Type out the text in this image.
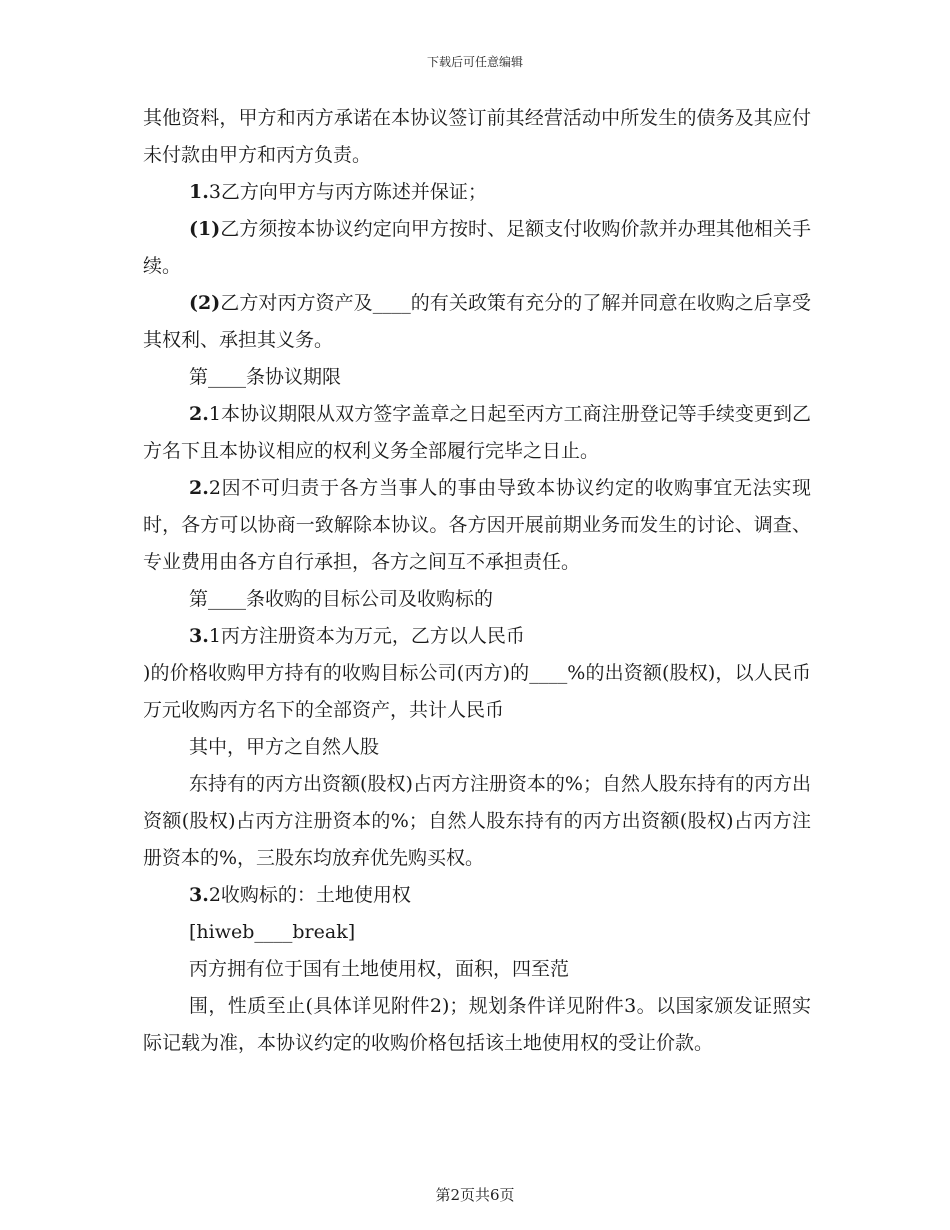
下载后可任意编辑

其他资料，甲方和丙方承诺在本协议签订前其经营活动中所发生的债务及其应付未付款由甲方和丙方负责。

1.3乙方向甲方与丙方陈述并保证；

(1)乙方须按本协议约定向甲方按时、足额支付收购价款并办理其他相关手续。

(2)乙方对丙方资产及____的有关政策有充分的了解并同意在收购之后享受其权利、承担其义务。

第____条协议期限

2.1本协议期限从双方签字盖章之日起至丙方工商注册登记等手续变更到乙方名下且本协议相应的权利义务全部履行完毕之日止。

2.2因不可归责于各方当事人的事由导致本协议约定的收购事宜无法实现时，各方可以协商一致解除本协议。各方因开展前期业务而发生的讨论、调查、专业费用由各方自行承担，各方之间互不承担责任。

第____条收购的目标公司及收购标的

3.1丙方注册资本为万元，乙方以人民币

)的价格收购甲方持有的收购目标公司(丙方)的____%的出资额(股权)，以人民币万元收购丙方名下的全部资产，共计人民币

其中，甲方之自然人股

东持有的丙方出资额(股权)占丙方注册资本的%；自然人股东持有的丙方出资额(股权)占丙方注册资本的%；自然人股东持有的丙方出资额(股权)占丙方注册资本的%，三股东均放弃优先购买权。

3.2收购标的：土地使用权

[hiweb____break]

丙方拥有位于国有土地使用权，面积，四至范

围，性质至止(具体详见附件2)；规划条件详见附件3。以国家颁发证照实际记载为准，本协议约定的收购价格包括该土地使用权的受让价款。

第2页共6页
